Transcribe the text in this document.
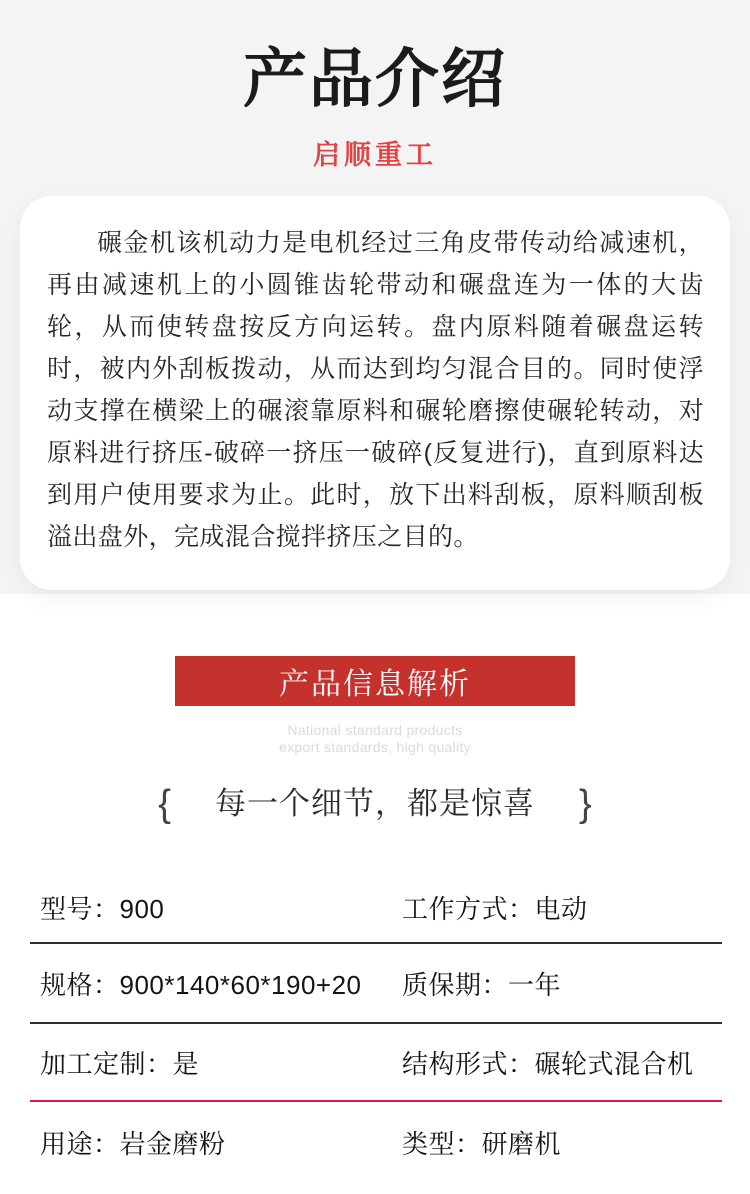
产品介绍
启顺重工

碾金机该机动力是电机经过三角皮带传动给减速机，再由减速机上的小圆锥齿轮带动和碾盘连为一体的大齿轮，从而使转盘按反方向运转。盘内原料随着碾盘运转时，被内外刮板拨动，从而达到均匀混合目的。同时使浮动支撑在横梁上的碾滚靠原料和碾轮磨擦使碾轮转动，对原料进行挤压-破碎一挤压一破碎(反复进行)，直到原料达到用户使用要求为止。此时，放下出料刮板，原料顺刮板溢出盘外，完成混合搅拌挤压之目的。

产品信息解析
National standard products
export standards, high quality
{ 每一个细节，都是惊喜 }
型号：900	工作方式：电动
规格：900*140*60*190+20	质保期：一年
加工定制：是	结构形式：碾轮式混合机
用途：岩金磨粉	类型：研磨机
